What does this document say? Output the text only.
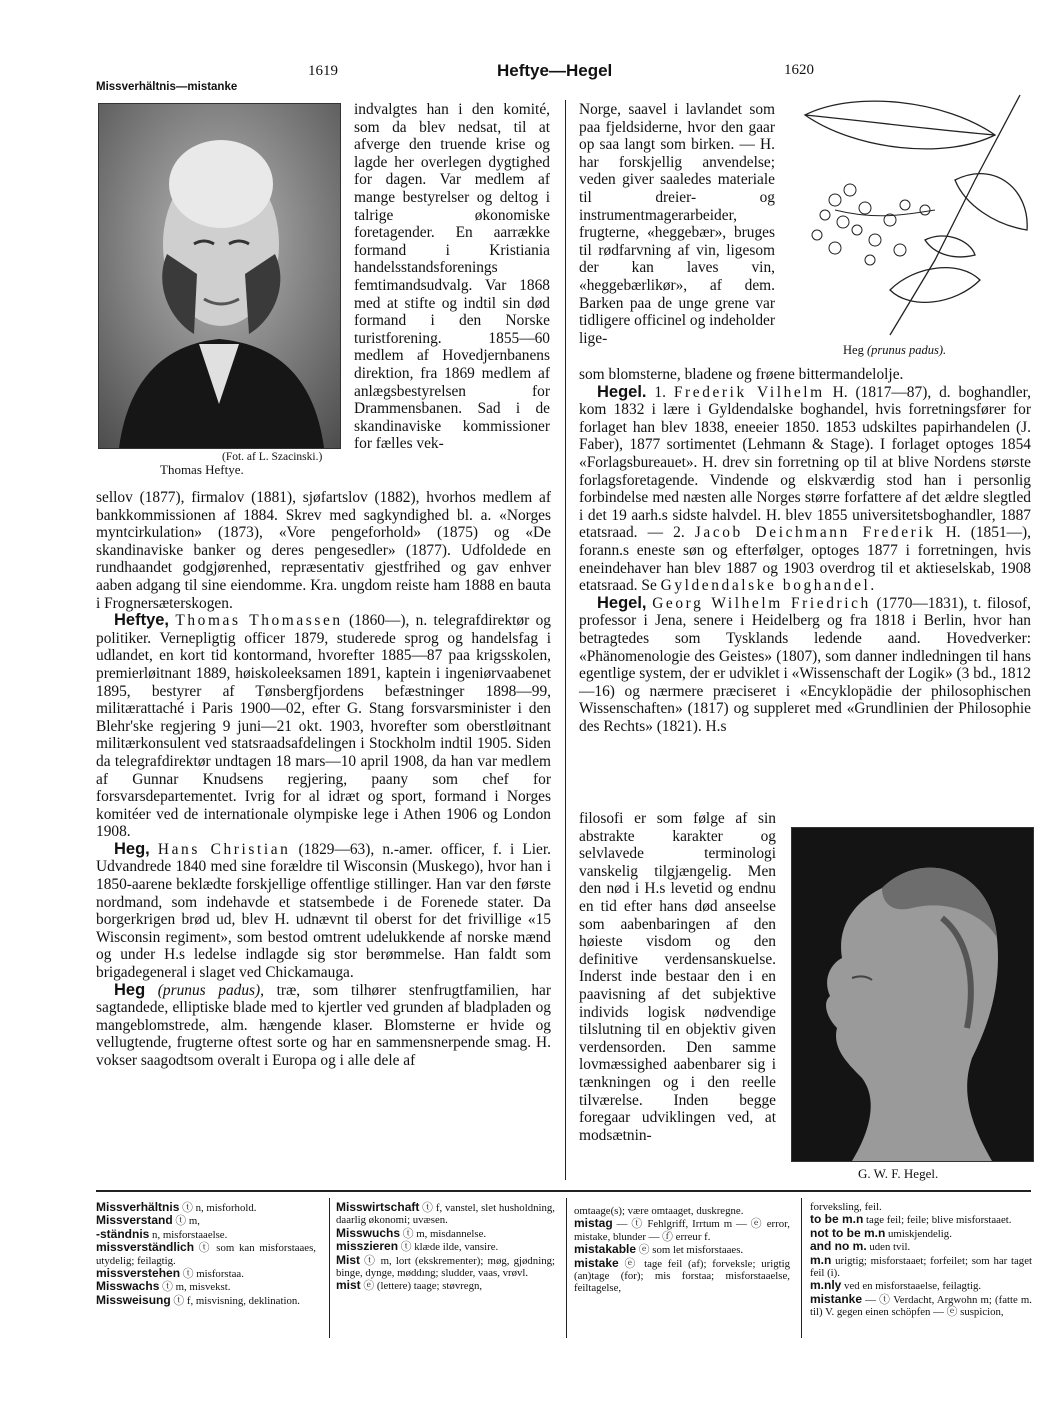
Missverhältnis—mistanke
1619	Heftye—Hegel	1620
(Fot. af L. Szacinski.)
Thomas Heftye.

indvalgtes han i den komité, som da blev nedsat, til at afverge den truende krise og lagde her overlegen dygtighed for dagen. Var medlem af mange bestyrelser og deltog i talrige økonomiske foretagender. En aarrække formand i Kristiania handelsstandsforenings femtimandsudvalg. Var 1868 med at stifte og indtil sin død formand i den Norske turistforening. 1855—60 medlem af Hovedjernbanens direktion, fra 1869 medlem af anlægsbestyrelsen for Drammensbanen. Sad i de skandinaviske kommissioner for fælles vek-

sellov (1877), firmalov (1881), sjøfartslov (1882), hvorhos medlem af bankkommissionen af 1884. Skrev med sagkyndighed bl. a. «Norges myntcirkulation» (1873), «Vore pengeforhold» (1875) og «De skandinaviske banker og deres pengesedler» (1877). Udfoldede en rundhaandet godgjørenhed, repræsentativ gjestfrihed og gav enhver aaben adgang til sine eiendomme. Kra. ungdom reiste ham 1888 en bauta i Frognersæterskogen.

Heftye, Thomas Thomassen (1860—), n. telegrafdirektør og politiker. Vernepligtig officer 1879, studerede sprog og handelsfag i udlandet, en kort tid kontormand, hvorefter 1885—87 paa krigsskolen, premierløitnant 1889, høiskoleeksamen 1891, kaptein i ingeniørvaabenet 1895, bestyrer af Tønsbergfjordens befæstninger 1898—99, militærattaché i Paris 1900—02, efter G. Stang forsvarsminister i den Blehr'ske regjering 9 juni—21 okt. 1903, hvorefter som oberstløitnant militærkonsulent ved statsraadsafdelingen i Stockholm indtil 1905. Siden da telegrafdirektør undtagen 18 mars—10 april 1908, da han var medlem af Gunnar Knudsens regjering, paany som chef for forsvarsdepartementet. Ivrig for al idræt og sport, formand i Norges komitéer ved de internationale olympiske lege i Athen 1906 og London 1908.

Heg, Hans Christian (1829—63), n.-amer. officer, f. i Lier. Udvandrede 1840 med sine forældre til Wisconsin (Muskego), hvor han i 1850-aarene beklædte forskjellige offentlige stillinger. Han var den første nordmand, som indehavde et statsembede i de Forenede stater. Da borgerkrigen brød ud, blev H. udnævnt til oberst for det frivillige «15 Wisconsin regiment», som bestod omtrent udelukkende af norske mænd og under H.s ledelse indlagde sig stor berømmelse. Han faldt som brigadegeneral i slaget ved Chickamauga.

Heg (prunus padus), træ, som tilhører stenfrugtfamilien, har sagtandede, elliptiske blade med to kjertler ved grunden af bladpladen og mangeblomstrede, alm. hængende klaser. Blomsterne er hvide og vellugtende, frugterne oftest sorte og har en sammensnerpende smag. H. vokser saagodtsom overalt i Europa og i alle dele af

Heg (prunus padus).

Norge, saavel i lavlandet som paa fjeldsiderne, hvor den gaar op saa langt som birken. — H. har forskjellig anvendelse; veden giver saaledes materiale til dreier- og instrumentmagerarbeider, frugterne, «heggebær», bruges til rødfarvning af vin, ligesom der kan laves vin, «heggebærlikør», af dem. Barken paa de unge grene var tidligere officinel og indeholder lige-

som blomsterne, bladene og frøene bittermandelolje.

Hegel. 1. Frederik Vilhelm H. (1817—87), d. boghandler, kom 1832 i lære i Gyldendalske boghandel, hvis forretningsfører for forlaget han blev 1838, eneeier 1850. 1853 udskiltes papirhandelen (J. Faber), 1877 sortimentet (Lehmann & Stage). I forlaget optoges 1854 «Forlagsbureauet». H. drev sin forretning op til at blive Nordens største forlagsforetagende. Vindende og elskværdig stod han i personlig forbindelse med næsten alle Norges større forfattere af det ældre slegtled i det 19 aarh.s sidste halvdel. H. blev 1855 universitetsboghandler, 1887 etatsraad. — 2. Jacob Deichmann Frederik H. (1851—), forann.s eneste søn og efterfølger, optoges 1877 i forretningen, hvis eneindehaver han blev 1887 og 1903 overdrog til et aktieselskab, 1908 etatsraad. Se Gyldendalske boghandel.

Hegel, Georg Wilhelm Friedrich (1770—1831), t. filosof, professor i Jena, senere i Heidelberg og fra 1818 i Berlin, hvor han betragtedes som Tysklands ledende aand. Hovedverker: «Phänomenologie des Geistes» (1807), som danner indledningen til hans egentlige system, der er udviklet i «Wissenschaft der Logik» (3 bd., 1812—16) og nærmere præciseret i «Encyklopädie der philosophischen Wissenschaften» (1817) og suppleret med «Grundlinien der Philosophie des Rechts» (1821). H.s

filosofi er som følge af sin abstrakte karakter og selvlavede terminologi vanskelig tilgjængelig. Men den nød i H.s levetid og endnu en tid efter hans død anseelse som aabenbaringen af den høieste visdom og den definitive verdensanskuelse. Inderst inde bestaar den i en paavisning af det subjektive individs logisk nødvendige tilslutning til en objektiv given verdensorden. Den samme lovmæssighed aabenbarer sig i tænkningen og i den reelle tilværelse. Inden begge foregaar udviklingen ved, at modsætnin-

G. W. F. Hegel.

Missverhältnis ⓣ n, misforhold.

Missverstand ⓣ m,

-ständnis n, misforstaaelse.

missverständlich ⓣ som kan misforstaaes, utydelig; feilagtig.

missverstehen ⓣ misforstaa.

Misswachs ⓣ m, misvekst.

Missweisung ⓣ f, misvisning, deklination.

Misswirtschaft ⓣ f, vanstel, slet husholdning, daarlig økonomi; uvæsen.

Misswuchs ⓣ m, misdannelse.

misszieren ⓣ klæde ilde, vansire.

Mist ⓣ m, lort (ekskrementer); møg, gjødning; binge, dynge, møddıng; sludder, vaas, vrøvl.

mist ⓔ (lettere) taage; støvregn,

omtaage(s); være omtaaget, duskregne.

mistag — ⓣ Fehlgriff, Irrtum m — ⓔ error, mistake, blunder — ⓕ erreur f.

mistakable ⓔ som let misforstaaes.

mistake ⓔ tage feil (af); forveksle; urigtig (an)tage (for); mis forstaa; misforstaaelse, feiltagelse,

forveksling, feil.

to be m.n tage feil; feile; blive misforstaaet.

not to be m.n umiskjendelig.

and no m. uden tvil.

m.n urigtig; misforstaaet; forfeilet; som har taget feil (i).

m.nly ved en misforstaaelse, feilagtig.

mistanke — ⓣ Verdacht, Argwohn m; (fatte m. til) V. gegen einen schöpfen — ⓔ suspicion,
